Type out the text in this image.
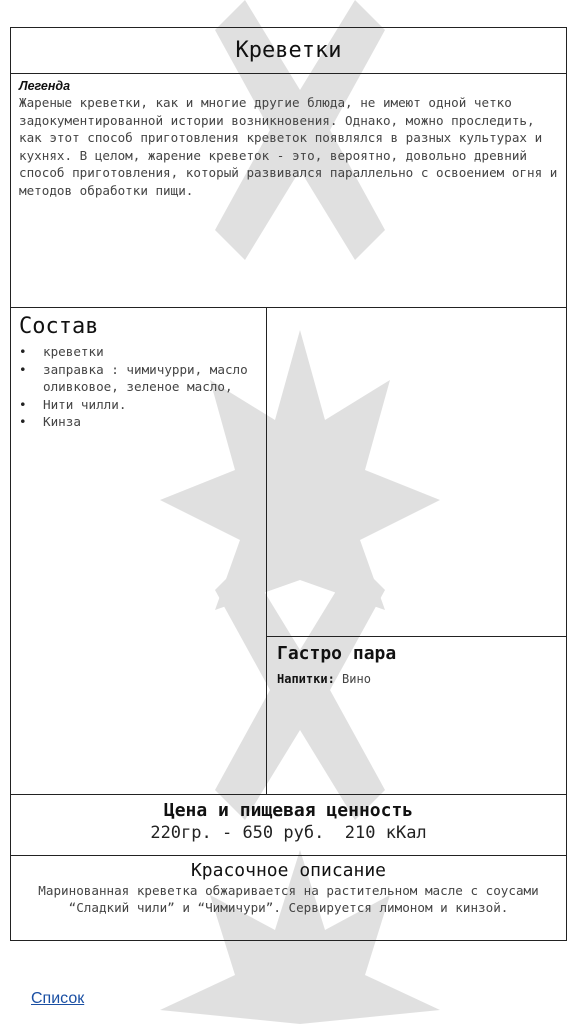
Креветки
Легенда
Жареные креветки, как и многие другие блюда, не имеют одной четко задокументированной истории возникновения. Однако, можно проследить, как этот способ приготовления креветок появлялся в разных культурах и кухнях. В целом, жарение креветок - это, вероятно, довольно древний способ приготовления, который развивался параллельно с освоением огня и методов обработки пищи.
Состав
• креветки
• заправка : чимичурри, масло оливковое, зеленое масло,
• Нити чилли.
• Кинза
Гастро пара
Напитки: Вино
Цена и пищевая ценность
220гр. - 650 руб.  210 кКал
Красочное описание
Маринованная креветка обжаривается на растительном масле с соусами “Сладкий чили” и “Чимичури”. Сервируется лимоном и кинзой.
Список
